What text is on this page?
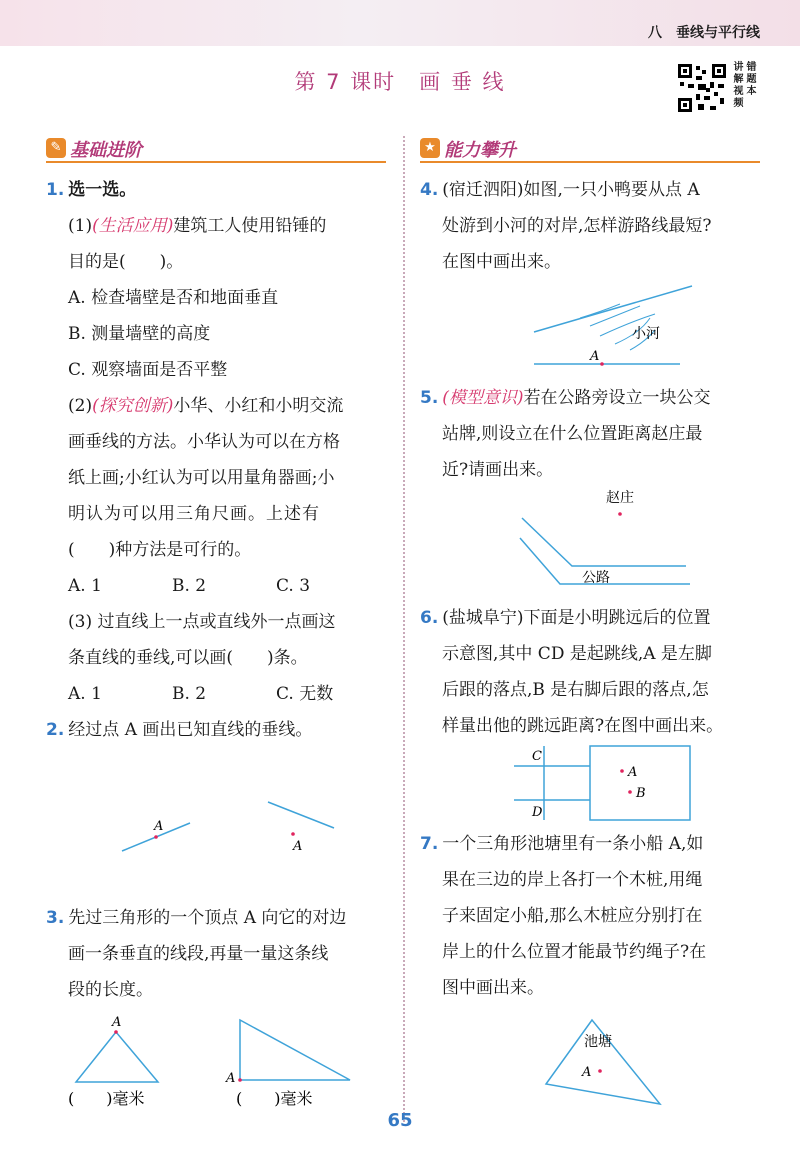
八　垂线与平行线
第 7 课时　画 垂 线
讲 错
解 题
视 本
频
✎ 基础进阶	★ 能力攀升
1. 选一选。
(1)(生活应用)建筑工人使用铅锤的
目的是(　　)。
A. 检查墙壁是否和地面垂直
B. 测量墙壁的高度
C. 观察墙面是否平整
(2)(探究创新)小华、小红和小明交流
画垂线的方法。小华认为可以在方格
纸上画;小红认为可以用量角器画;小
明认为可以用三角尺画。上述有
(　　)种方法是可行的。
A. 1	B. 2	C. 3
(3) 过直线上一点或直线外一点画这
条直线的垂线,可以画(　　)条。
A. 1	B. 2	C. 无数
2. 经过点 A 画出已知直线的垂线。
A
A
3. 先过三角形的一个顶点 A 向它的对边
画一条垂直的线段,再量一量这条线
段的长度。
A
A
(　　)毫米	(　　)毫米
4. (宿迁泗阳)如图,一只小鸭要从点 A
处游到小河的对岸,怎样游路线最短?
在图中画出来。
小河
A
5. (模型意识)若在公路旁设立一块公交
站牌,则设立在什么位置距离赵庄最
近?请画出来。
赵庄
公路
6. (盐城阜宁)下面是小明跳远后的位置
示意图,其中 CD 是起跳线,A 是左脚
后跟的落点,B 是右脚后跟的落点,怎
样量出他的跳远距离?在图中画出来。
C
D
A
B
7. 一个三角形池塘里有一条小船 A,如
果在三边的岸上各打一个木桩,用绳
子来固定小船,那么木桩应分别打在
岸上的什么位置才能最节约绳子?在
图中画出来。
池塘
A
65
